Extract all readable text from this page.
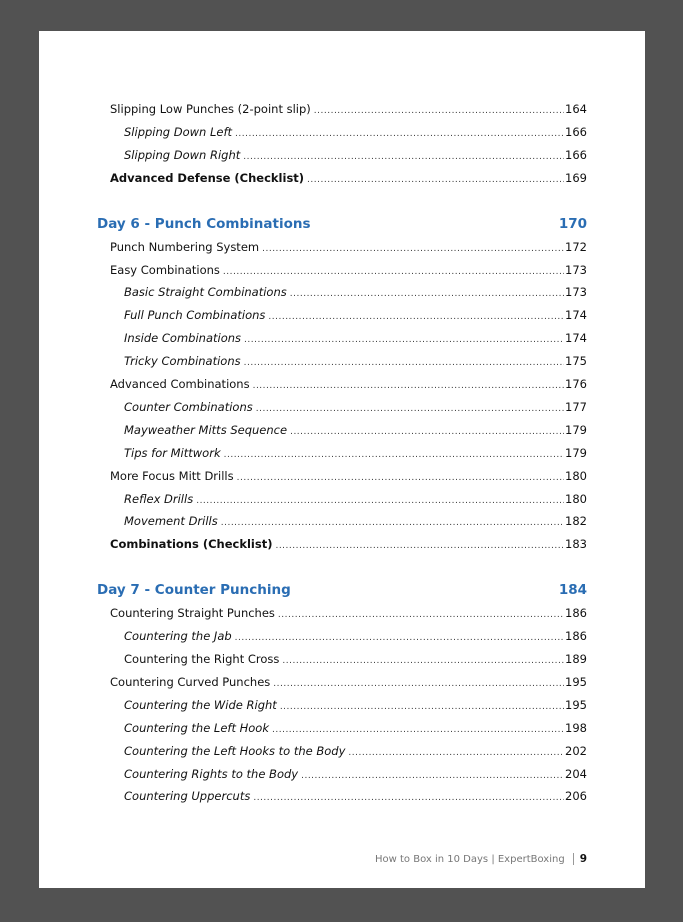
Slipping Low Punches (2-point slip) .....	164
Slipping Down Left .....	166
Slipping Down Right .....	166
Advanced Defense (Checklist) .....	169
Day 6 - Punch Combinations	170
Punch Numbering System .....	172
Easy Combinations .....	173
Basic Straight Combinations .....	173
Full Punch Combinations .....	174
Inside Combinations .....	174
Tricky Combinations .....	175
Advanced Combinations .....	176
Counter Combinations .....	177
Mayweather Mitts Sequence .....	179
Tips for Mittwork .....	179
More Focus Mitt Drills .....	180
Reflex Drills .....	180
Movement Drills .....	182
Combinations (Checklist) .....	183
Day 7 - Counter Punching	184
Countering Straight Punches .....	186
Countering the Jab .....	186
Countering the Right Cross .....	189
Countering Curved Punches .....	195
Countering the Wide Right .....	195
Countering the Left Hook .....	198
Countering the Left Hooks to the Body .....	202
Countering Rights to the Body .....	204
Countering Uppercuts .....	206
How to Box in 10 Days | ExpertBoxing 9
